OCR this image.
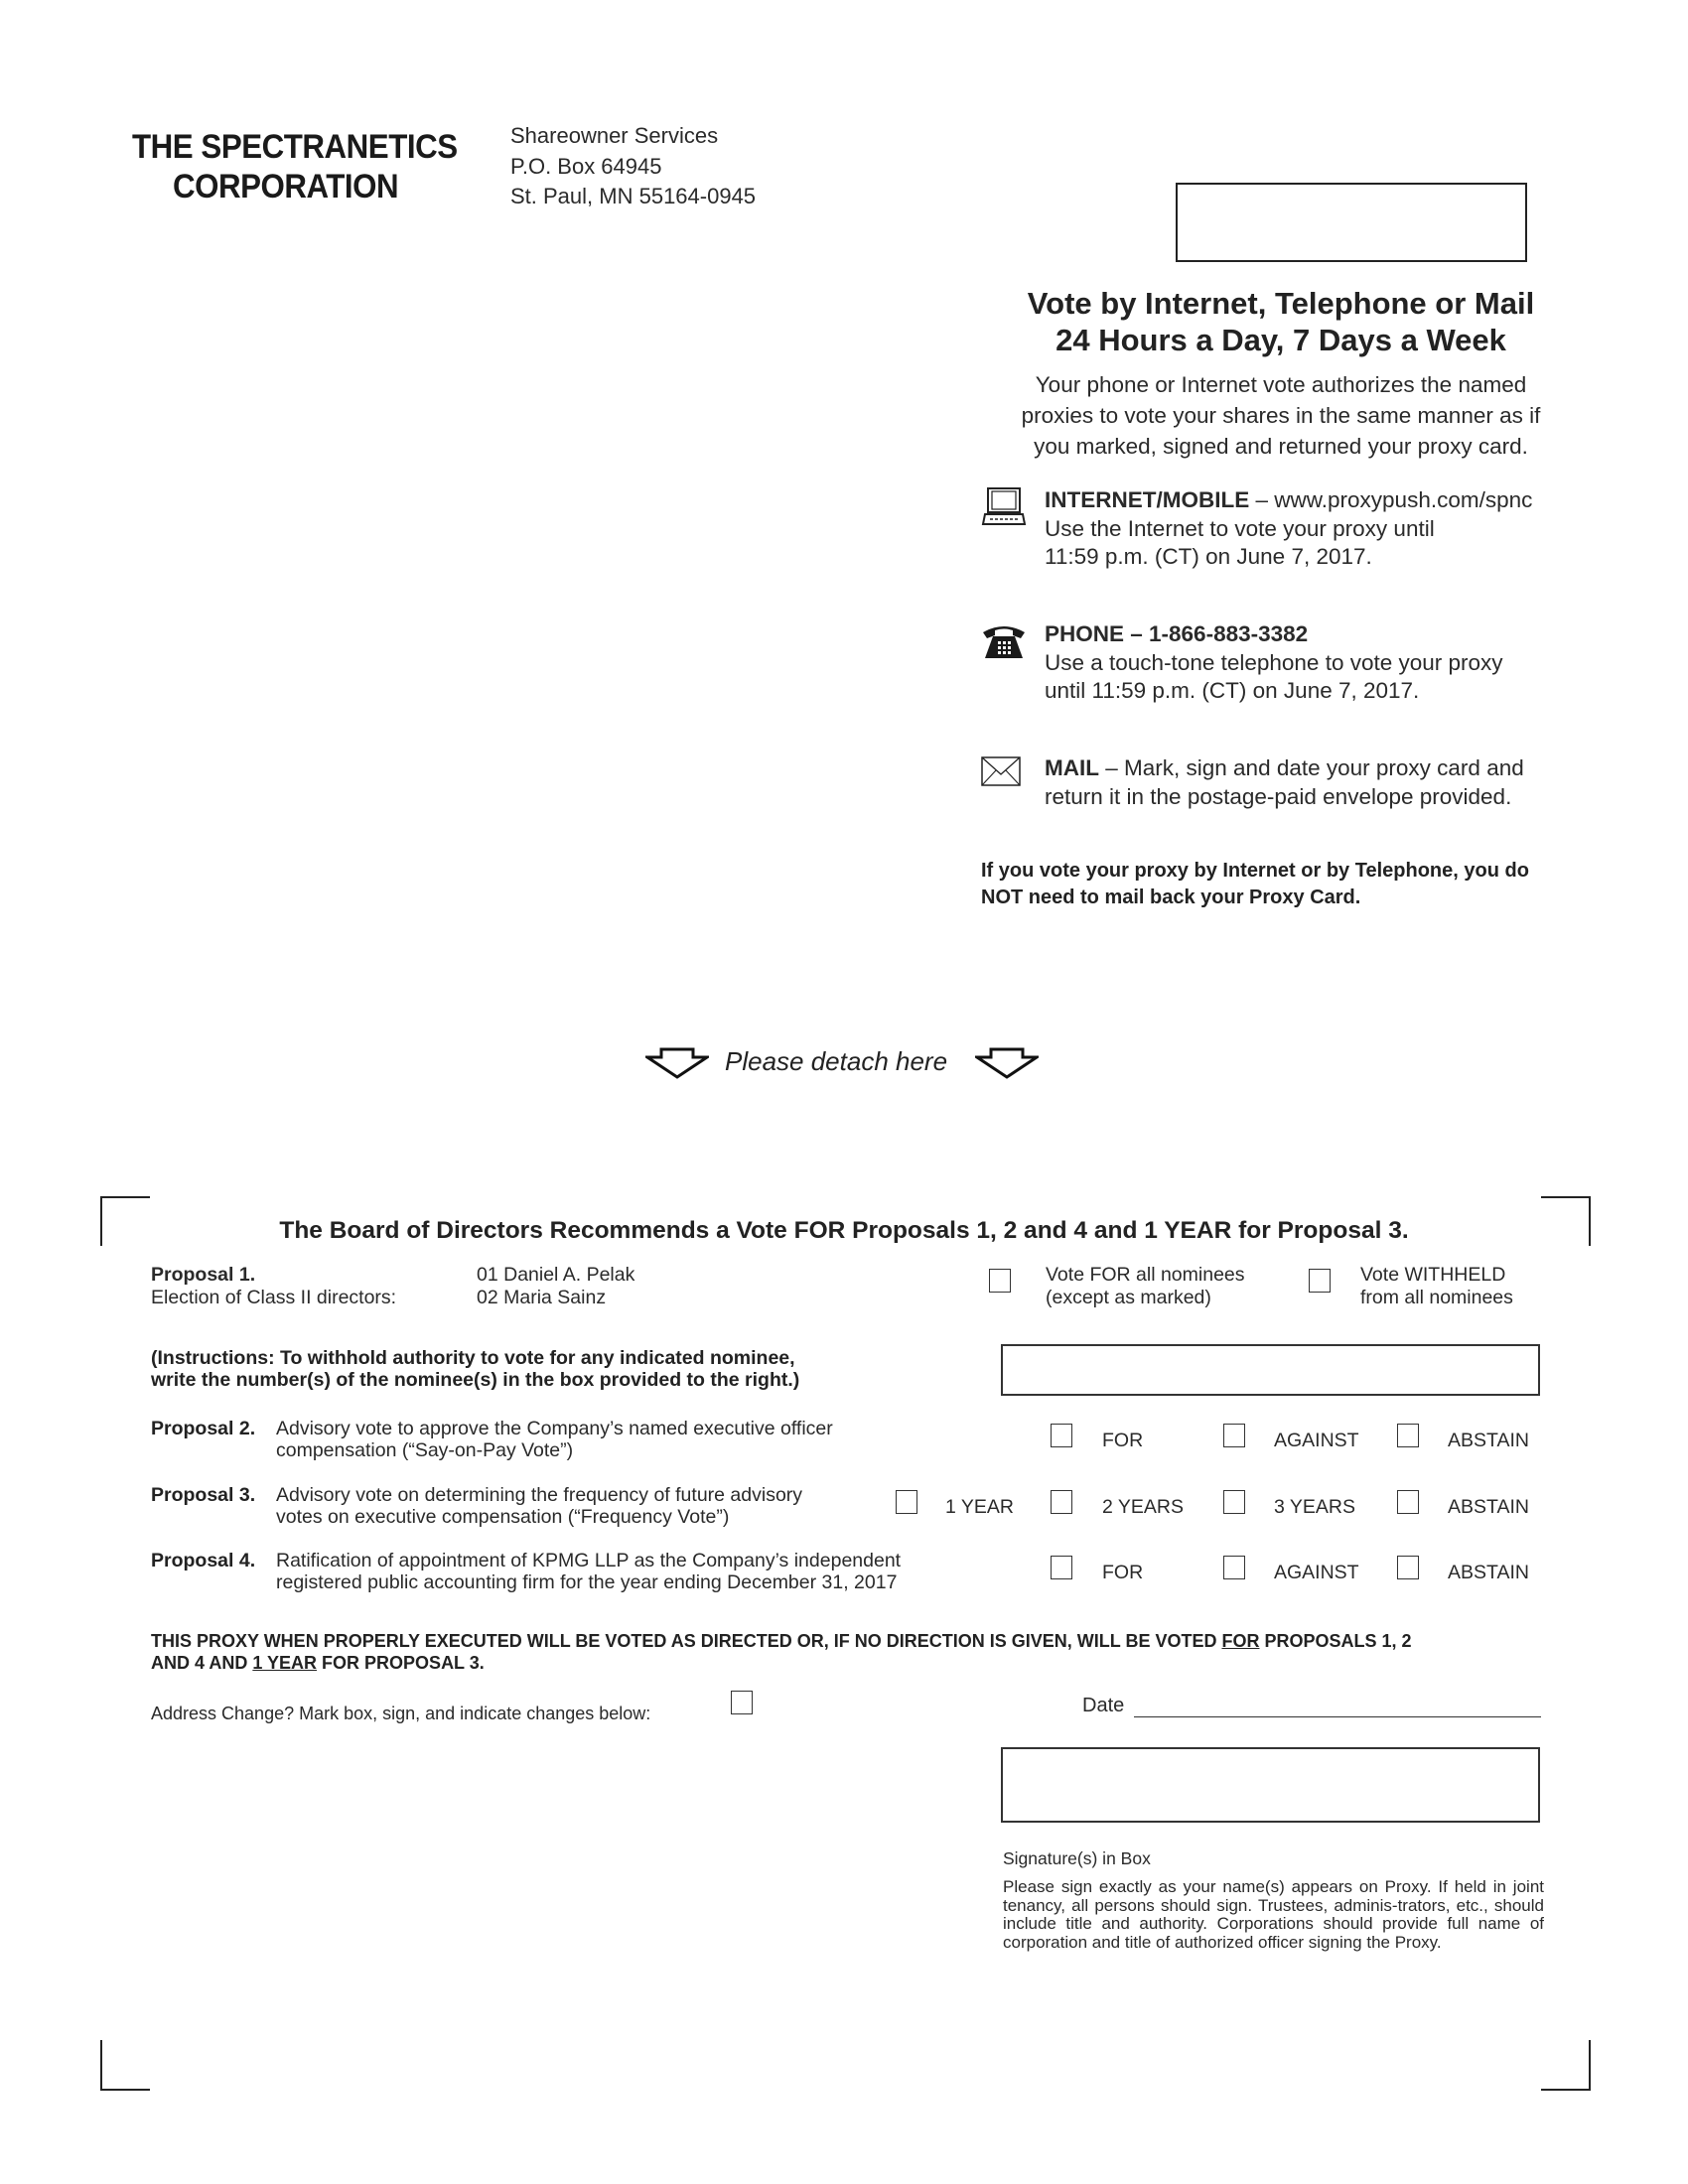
THE SPECTRANETICS
CORPORATION
Shareowner Services
P.O. Box 64945
St. Paul, MN 55164-0945
Vote by Internet, Telephone or Mail
24 Hours a Day, 7 Days a Week
Your phone or Internet vote authorizes the named
proxies to vote your shares in the same manner as if
you marked, signed and returned your proxy card.
INTERNET/MOBILE – www.proxypush.com/spnc
Use the Internet to vote your proxy until
11:59 p.m. (CT) on June 7, 2017.
PHONE – 1-866-883-3382
Use a touch-tone telephone to vote your proxy
until 11:59 p.m. (CT) on June 7, 2017.
MAIL – Mark, sign and date your proxy card and
return it in the postage-paid envelope provided.
If you vote your proxy by Internet or by Telephone, you do
NOT need to mail back your Proxy Card.
Please detach here
The Board of Directors Recommends a Vote FOR Proposals 1, 2 and 4 and 1 YEAR for Proposal 3.
Proposal 1.
Election of Class II directors:
01 Daniel A. Pelak
02 Maria Sainz
Vote FOR all nominees
(except as marked)
Vote WITHHELD
from all nominees
(Instructions: To withhold authority to vote for any indicated nominee,
write the number(s) of the nominee(s) in the box provided to the right.)
Proposal 2. Advisory vote to approve the Company’s named executive officer
compensation (“Say-on-Pay Vote”)	FOR	AGAINST	ABSTAIN
Proposal 3. Advisory vote on determining the frequency of future advisory
votes on executive compensation (“Frequency Vote”)	1 YEAR	2 YEARS	3 YEARS	ABSTAIN
Proposal 4. Ratification of appointment of KPMG LLP as the Company’s independent
registered public accounting firm for the year ending December 31, 2017	FOR	AGAINST	ABSTAIN
THIS PROXY WHEN PROPERLY EXECUTED WILL BE VOTED AS DIRECTED OR, IF NO DIRECTION IS GIVEN, WILL BE VOTED FOR PROPOSALS 1, 2
AND 4 AND 1 YEAR FOR PROPOSAL 3.
Address Change? Mark box, sign, and indicate changes below:	Date
Signature(s) in Box
Please sign exactly as your name(s) appears on Proxy. If held in joint tenancy, all persons should sign. Trustees, adminis-trators, etc., should include title and authority. Corporations should provide full name of corporation and title of authorized officer signing the Proxy.
